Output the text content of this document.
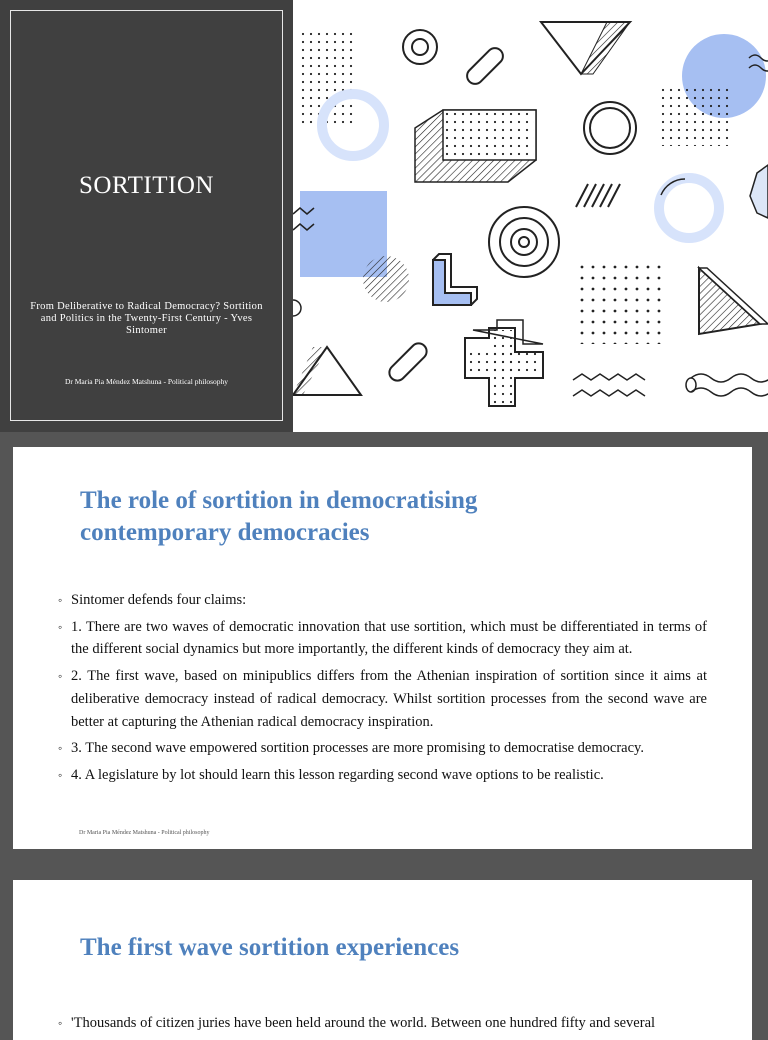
SORTITION
From Deliberative to Radical Democracy? Sortition and Politics in the Twenty-First Century - Yves Sintomer
Dr Maria Pia Méndez Matshuna - Political philosophy
The role of sortition in democratising
contemporary democracies
◦ Sintomer defends four claims:
◦ 1. There are two waves of democratic innovation that use sortition, which must be differentiated in terms of the different social dynamics but more importantly, the different kinds of democracy they aim at.
◦ 2. The first wave, based on minipublics differs from the Athenian inspiration of sortition since it aims at deliberative democracy instead of radical democracy. Whilst sortition processes from the second wave are better at capturing the Athenian radical democracy inspiration.
◦ 3. The second wave empowered sortition processes are more promising to democratise democracy.
◦ 4. A legislature by lot should learn this lesson regarding second wave options to be realistic.
Dr Maria Pia Méndez Matshuna - Political philosophy
The first wave sortition experiences
◦ 'Thousands of citizen juries have been held around the world. Between one hundred fifty and several
